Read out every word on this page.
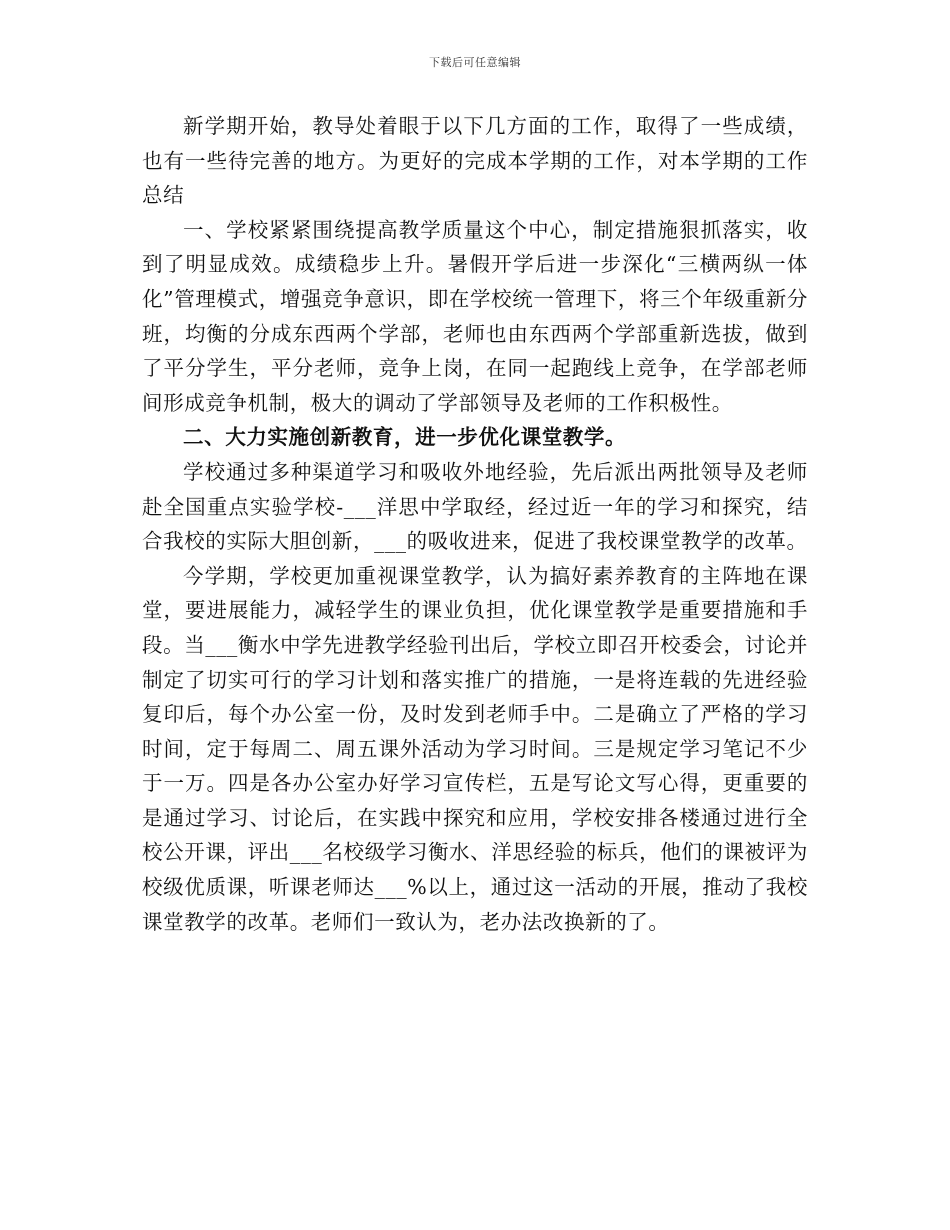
下载后可任意编辑

新学期开始，教导处着眼于以下几方面的工作，取得了一些成绩，也有一些待完善的地方。为更好的完成本学期的工作，对本学期的工作总结

一、学校紧紧围绕提高教学质量这个中心，制定措施狠抓落实，收到了明显成效。成绩稳步上升。暑假开学后进一步深化“三横两纵一体化”管理模式，增强竞争意识，即在学校统一管理下，将三个年级重新分班，均衡的分成东西两个学部，老师也由东西两个学部重新选拔，做到了平分学生，平分老师，竞争上岗，在同一起跑线上竞争，在学部老师间形成竞争机制，极大的调动了学部领导及老师的工作积极性。

二、大力实施创新教育，进一步优化课堂教学。

学校通过多种渠道学习和吸收外地经验，先后派出两批领导及老师赴全国重点实验学校-___洋思中学取经，经过近一年的学习和探究，结合我校的实际大胆创新，___的吸收进来，促进了我校课堂教学的改革。

今学期，学校更加重视课堂教学，认为搞好素养教育的主阵地在课堂，要进展能力，减轻学生的课业负担，优化课堂教学是重要措施和手段。当___衡水中学先进教学经验刊出后，学校立即召开校委会，讨论并制定了切实可行的学习计划和落实推广的措施，一是将连载的先进经验复印后，每个办公室一份，及时发到老师手中。二是确立了严格的学习时间，定于每周二、周五课外活动为学习时间。三是规定学习笔记不少于一万。四是各办公室办好学习宣传栏，五是写论文写心得，更重要的是通过学习、讨论后，在实践中探究和应用，学校安排各楼通过进行全校公开课，评出___名校级学习衡水、洋思经验的标兵，他们的课被评为校级优质课，听课老师达___%以上，通过这一活动的开展，推动了我校课堂教学的改革。老师们一致认为，老办法改换新的了。
